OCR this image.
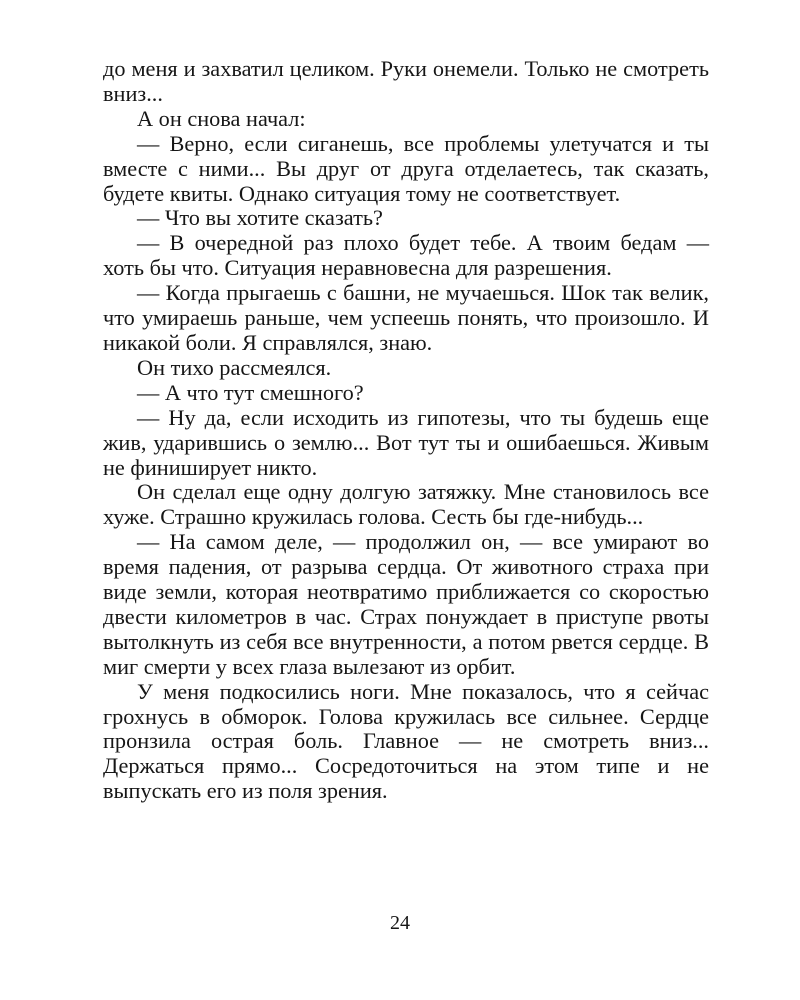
до меня и захватил целиком. Руки онемели. Только не смотреть вниз...

А он снова начал:

— Верно, если сиганешь, все проблемы улетучатся и ты вместе с ними... Вы друг от друга отделаетесь, так сказать, будете квиты. Однако ситуация тому не соответствует.

— Что вы хотите сказать?

— В очередной раз плохо будет тебе. А твоим бедам — хоть бы что. Ситуация неравновесна для разрешения.

— Когда прыгаешь с башни, не мучаешься. Шок так велик, что умираешь раньше, чем успеешь понять, что произошло. И никакой боли. Я справлялся, знаю.

Он тихо рассмеялся.

— А что тут смешного?

— Ну да, если исходить из гипотезы, что ты будешь еще жив, ударившись о землю... Вот тут ты и ошибаешься. Живым не финиширует никто.

Он сделал еще одну долгую затяжку. Мне становилось все хуже. Страшно кружилась голова. Сесть бы где-нибудь...

— На самом деле, — продолжил он, — все умирают во время падения, от разрыва сердца. От животного страха при виде земли, которая неотвратимо приближается со скоростью двести километров в час. Страх понуждает в приступе рвоты вытолкнуть из себя все внутренности, а потом рвется сердце. В миг смерти у всех глаза вылезают из орбит.

У меня подкосились ноги. Мне показалось, что я сейчас грохнусь в обморок. Голова кружилась все сильнее. Сердце пронзила острая боль. Главное — не смотреть вниз... Держаться прямо... Сосредоточиться на этом типе и не выпускать его из поля зрения.

24
